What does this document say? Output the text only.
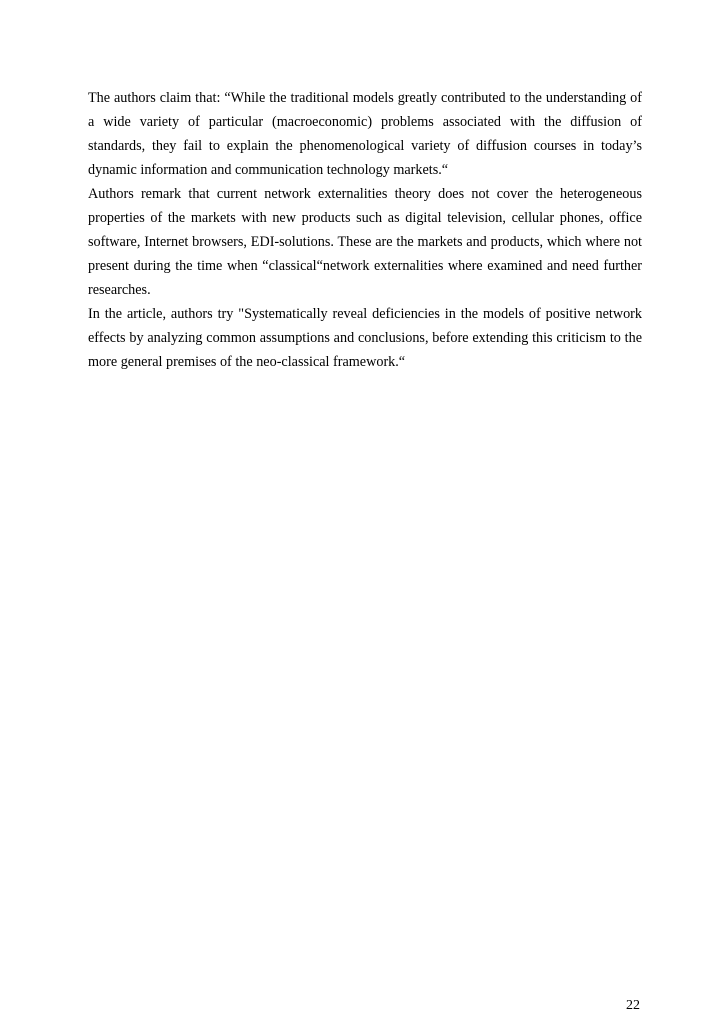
The authors claim that: “While the traditional models greatly contributed to the understanding of a wide variety of particular (macroeconomic) problems associated with the diffusion of standards, they fail to explain the phenomenological variety of diffusion courses in today’s dynamic information and communication technology markets.“

Authors remark that current network externalities theory does not cover the heterogeneous properties of the markets with new products such as digital television, cellular phones, office software, Internet browsers, EDI-solutions. These are the markets and products, which where not present during the time when “classical“network externalities where examined and need further researches.

In the article, authors try "Systematically reveal deficiencies in the models of positive network effects by analyzing common assumptions and conclusions, before extending this criticism to the more general premises of the neo-classical framework.“

22
